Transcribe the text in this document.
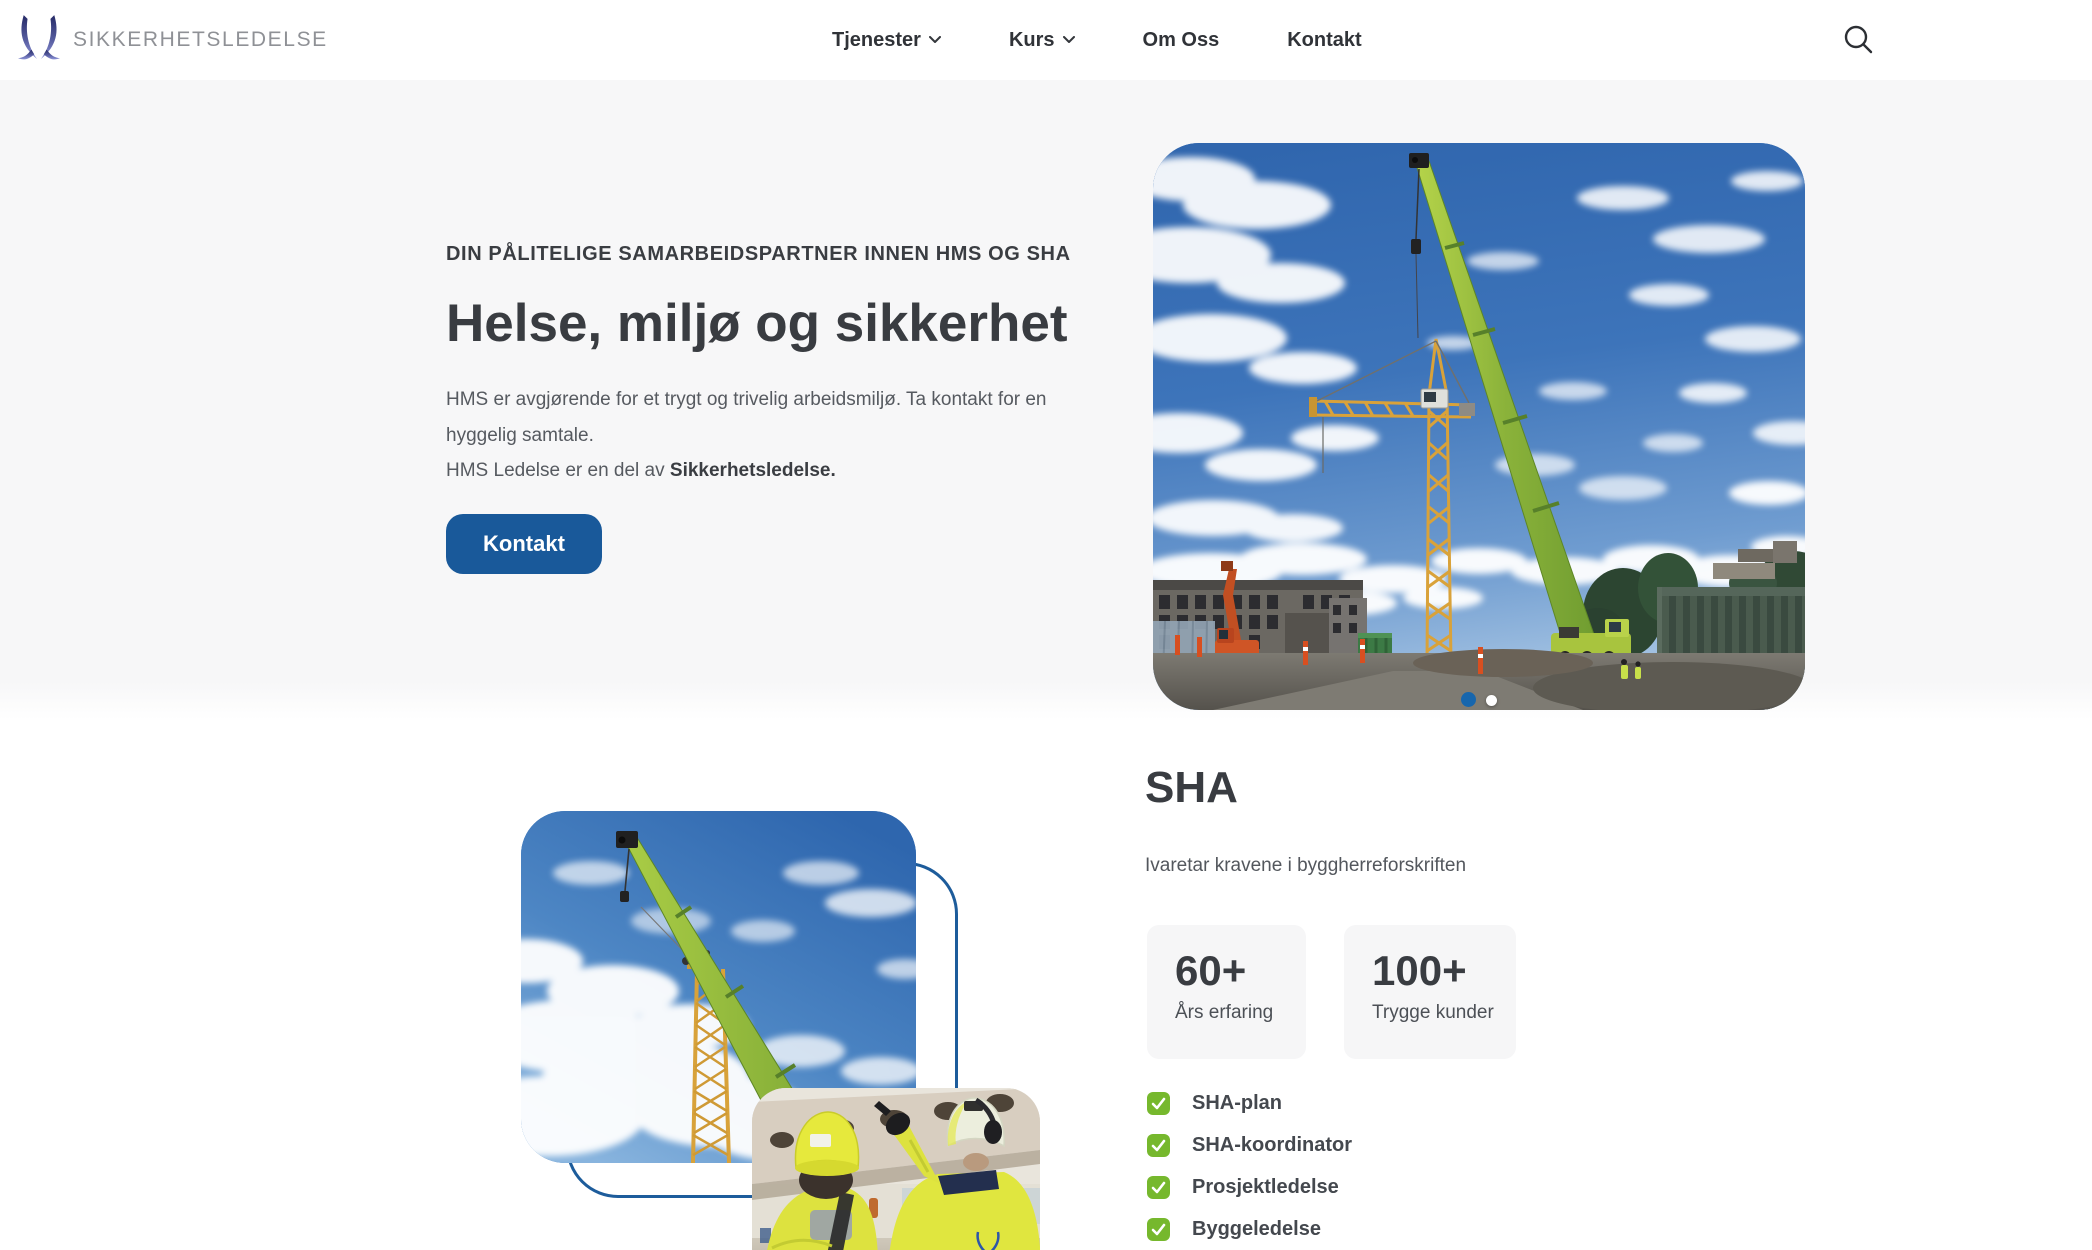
SIKKERHETSLEDELSE	Tjenester	Kurs	Om Oss	Kontakt
DIN PÅLITELIGE SAMARBEIDSPARTNER INNEN HMS OG SHA
Helse, miljø og sikkerhet
HMS er avgjørende for et trygt og trivelig arbeidsmiljø. Ta kontakt for en hyggelig samtale.
HMS Ledelse er en del av Sikkerhetsledelse.
Kontakt
SHA
Ivaretar kravene i byggherreforskriften
60+
Års erfaring
100+
Trygge kunder
SHA-plan
SHA-koordinator
Prosjektledelse
Byggeledelse
